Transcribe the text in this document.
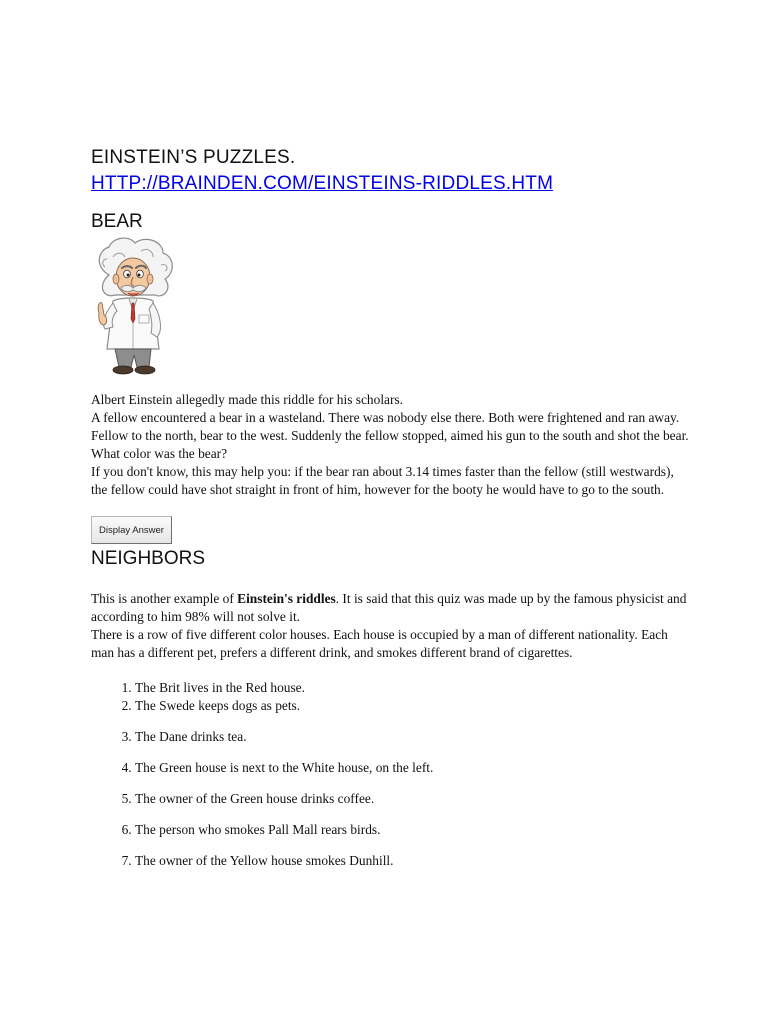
EINSTEIN’S PUZZLES.
HTTP://BRAINDEN.COM/EINSTEINS-RIDDLES.HTM
BEAR

Albert Einstein allegedly made this riddle for his scholars.

A fellow encountered a bear in a wasteland. There was nobody else there. Both were frightened and ran away. Fellow to the north, bear to the west. Suddenly the fellow stopped, aimed his gun to the south and shot the bear. What color was the bear?

If you don't know, this may help you: if the bear ran about 3.14 times faster than the fellow (still westwards), the fellow could have shot straight in front of him, however for the booty he would have to go to the south.

Display Answer
NEIGHBORS

This is another example of Einstein's riddles. It is said that this quiz was made up by the famous physicist and according to him 98% will not solve it.

There is a row of five different color houses. Each house is occupied by a man of different nationality. Each man has a different pet, prefers a different drink, and smokes different brand of cigarettes.

1. The Brit lives in the Red house.
2. The Swede keeps dogs as pets.
3. The Dane drinks tea.
4. The Green house is next to the White house, on the left.
5. The owner of the Green house drinks coffee.
6. The person who smokes Pall Mall rears birds.
7. The owner of the Yellow house smokes Dunhill.
